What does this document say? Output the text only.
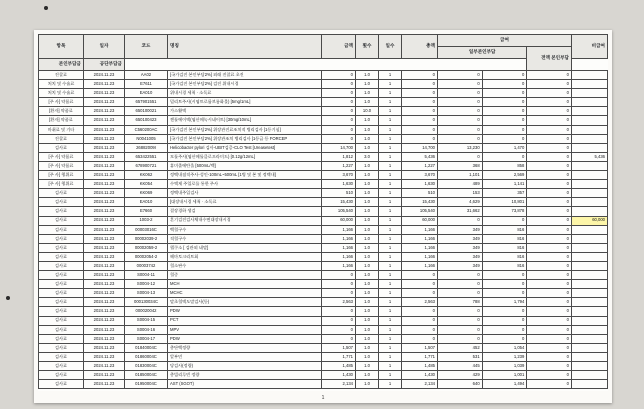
항목	일자	코드	명칭	금액	횟수	일수	총액	급여			비급여
								일부본인부담		전액 본인부담	
본인부담금	공단부담금										
진찰료	2024.11.23	AA02	[국가검진 본인부담2%] 외래 진찰료 초진	0	1.0	1	0	0	0	0	
처치 및 수술료	2024.11.23	E7611	[국가검진 본인부담2%] 검진 위내시경	0	1.0	1	0	0	0	0	
처치 및 수술료	2024.11.23	EA010	위내시경 세척 · 소독료	0	1.0	1	0	0	0	0	
[주 사] 약품료	2024.11.23	657901551	밀리트주사(시염트로륨브롬화물) [5mg/1mL]	0	1.0	1	0	0	0	0	
[환자] 약품료	2024.11.23	650100021	가스활액	0	10.0	1	0	0	0	0	
[환자] 약품료	2024.11.23	650100423	젠틀에이액(염산메녹시네이트) [30mg/10mL]	0	1.0	1	0	0	0	0	
마취료 및 기타	2024.11.23	C560200AC	[국가검진 본인부담2%] 위장관진료조치적 병리검사 [1등기심]	0	1.0	1	0	0	0	0	
진찰료	2024.11.23	N0041005	[국가검진 본인부담2%] 위장관조치 병리검사 [1등급 등 FORCEP	0	1.0	1	0	0	0	0	
검사료	2024.11.23	26882009I	Helicobacter pylori 검사-UBIT검증-CLO Test [Ureasetest]	14,700	1.0	1	14,700	13,230	1,470	0	
[주 사] 약품료	2024.11.23	653422551	모톨주사(염산메톨클로프라미드) [0.12g/12mL]	1,812	3.0	1	5,436	0	0	0	5,436
[주 사] 약품료	2024.11.23	678900721	휴미졸에탄올 [500mL/백]	1,227	1.0	1	1,227	368	858	0	
[주 사] 행위료	2024.11.23	KK062	정맥내점적주사-성인-100mL~500mL [1병 및 본 및 정맥내]	3,670	1.0	1	3,670	1,101	2,569	0	
[주 사] 행위료	2024.11.23	KK054	수액제 주입로를 통한 주사	1,630	1.0	1	1,630	489	1,141	0	
검사료	2024.11.23	KK069	정맥내주입검사	510	1.0	1	510	153	357	0	
검사료	2024.11.23	EA010	[대장내시경 세척 · 소독료	15,430	1.0	1	15,430	4,629	10,801	0	
검사료	2024.11.23	E7660	결장경하 생검	105,540	1.0	1	105,540	31,662	73,878	0	
검사료	2024.11.23	1003-2	흔기검진검사체내수면대장내시경	60,000	1.0	1	60,000	0	0	0	60,000
검사료	2024.11.23	00003016C	백혈구수	1,166	1.0	1	1,166	349	816	0	
검사료	2024.11.23	00002039-2	적혈구수	1,166	1.0	1	1,166	349	816	0	
검사료	2024.11.23	00002059-2	헬쿠소 [ 검관외 네말]	1,166	1.0	1	1,166	349	816	0	
검사료	2024.11.23	00002054-2	헤마토크리트회	1,166	1.0	1	1,166	349	816	0	
검사료	2024.11.23	00003742	혈소판수	1,166	1.0	1	1,166	349	816	0	
검사료	2024.11.23	S0004-11	혈중	0	1.0	1	0	0	0	0	
검사료	2024.11.23	S0004-12	MCH	0	1.0	1	0	0	0	0	
검사료	2024.11.23	S0004-13	MCHC	0	1.0	1	0	0	0	0	
검사료	2024.11.23	000130034C	말초혈액도말검사(등)	2,563	1.0	1	2,563	788	1,794	0	
검사료	2024.11.23	000020042	PDW	0	1.0	1	0	0	0	0	
검사료	2024.11.23	S0004-15	PCT	0	1.0	1	0	0	0	0	
검사료	2024.11.23	S0004-16	MPV	0	1.0	1	0	0	0	0	
검사료	2024.11.23	S0004-17	PDW	0	1.0	1	0	0	0	0	
검사료	2024.11.23	01840004C	총단백정량	1,507	1.0	1	1,507	452	1,054	0	
검사료	2024.11.23	01860004C	알부민	1,771	1.0	1	1,771	531	1,239	0	
검사료	2024.11.23	01830004C	당검사(정량)	1,485	1.0	1	1,485	445	1,039	0	
검사료	2024.11.23	01850004C	총빌리루빈 정량	1,430	1.0	1	1,430	429	1,001	0	
검사료	2024.11.23	01950004C	AST (SGOT)	2,134	1.0	1	2,134	640	1,494	0	
1
